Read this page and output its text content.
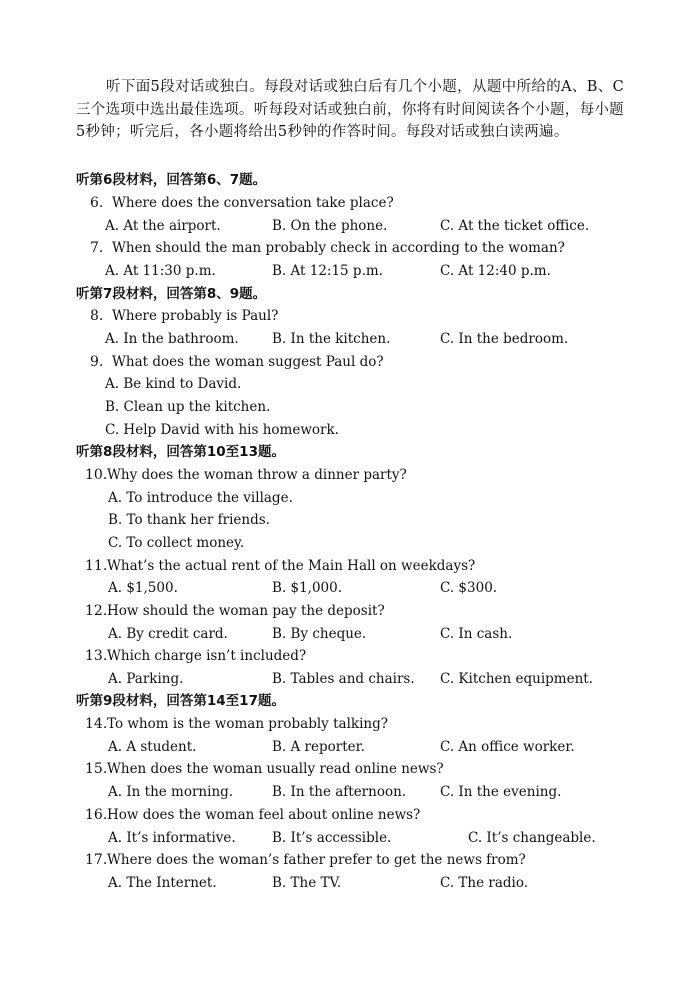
听下面5段对话或独白。每段对话或独白后有几个小题，从题中所给的A、B、C三个选项中选出最佳选项。听每段对话或独白前，你将有时间阅读各个小题，每小题5秒钟；听完后，各小题将给出5秒钟的作答时间。每段对话或独白读两遍。

听第6段材料，回答第6、7题。
6. Where does the conversation take place?
A. At the airport.	B. On the phone.	C. At the ticket office.
7. When should the man probably check in according to the woman?
A. At 11:30 p.m.	B. At 12:15 p.m.	C. At 12:40 p.m.
听第7段材料，回答第8、9题。
8. Where probably is Paul?
A. In the bathroom. B. In the kitchen.	C. In the bedroom.
9. What does the woman suggest Paul do?
A. Be kind to David.
B. Clean up the kitchen.
C. Help David with his homework.
听第8段材料，回答第10至13题。
10.Why does the woman throw a dinner party?
A. To introduce the village.
B. To thank her friends.
C. To collect money.
11.What’s the actual rent of the Main Hall on weekdays?
A. $1,500.	B. $1,000.	C. $300.
12.How should the woman pay the deposit?
A. By credit card.	B. By cheque.	C. In cash.
13.Which charge isn’t included?
A. Parking.	B. Tables and chairs. C. Kitchen equipment.
听第9段材料，回答第14至17题。
14.To whom is the woman probably talking?
A. A student.	B. A reporter.	C. An office worker.
15.When does the woman usually read online news?
A. In the morning.	B. In the afternoon.	C. In the evening.
16.How does the woman feel about online news?
A. It’s informative.	B. It’s accessible.	C. It’s changeable.
17.Where does the woman’s father prefer to get the news from?
A. The Internet.	B. The TV.	C. The radio.
